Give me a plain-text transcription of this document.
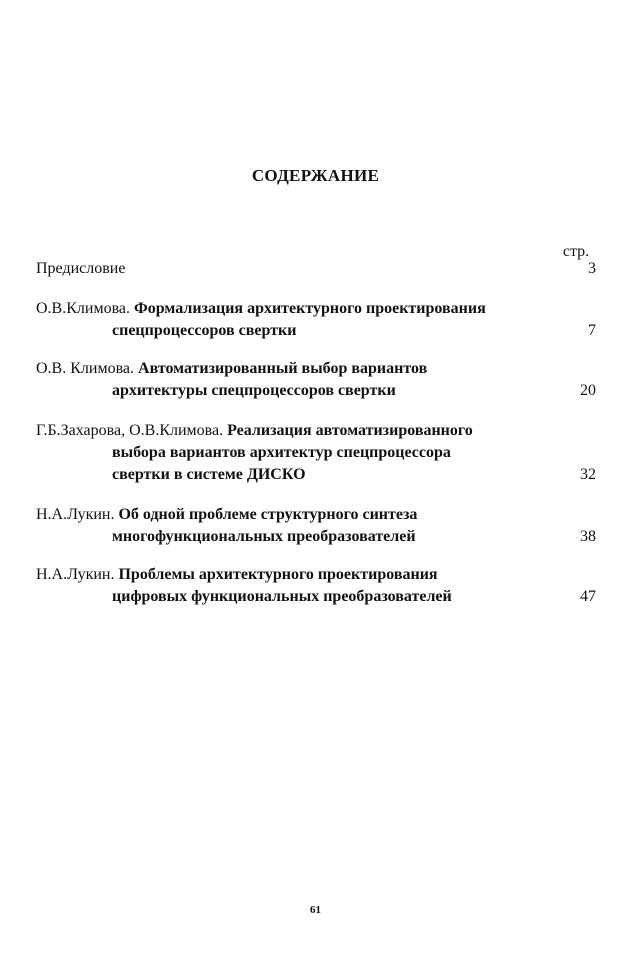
СОДЕРЖАНИЕ
стр.
Предисловие	3
О.В.Климова. Формализация архитектурного проектирования
спецпроцессоров свертки	7
О.В. Климова. Автоматизированный выбор вариантов
архитектуры спецпроцессоров свертки	20
Г.Б.Захарова, О.В.Климова. Реализация автоматизированного
выбора вариантов архитектур спецпроцессора
свертки в системе ДИСКО	32
Н.А.Лукин. Об одной проблеме структурного синтеза
многофункциональных преобразователей	38
Н.А.Лукин. Проблемы архитектурного проектирования
цифровых функциональных преобразователей	47
61
